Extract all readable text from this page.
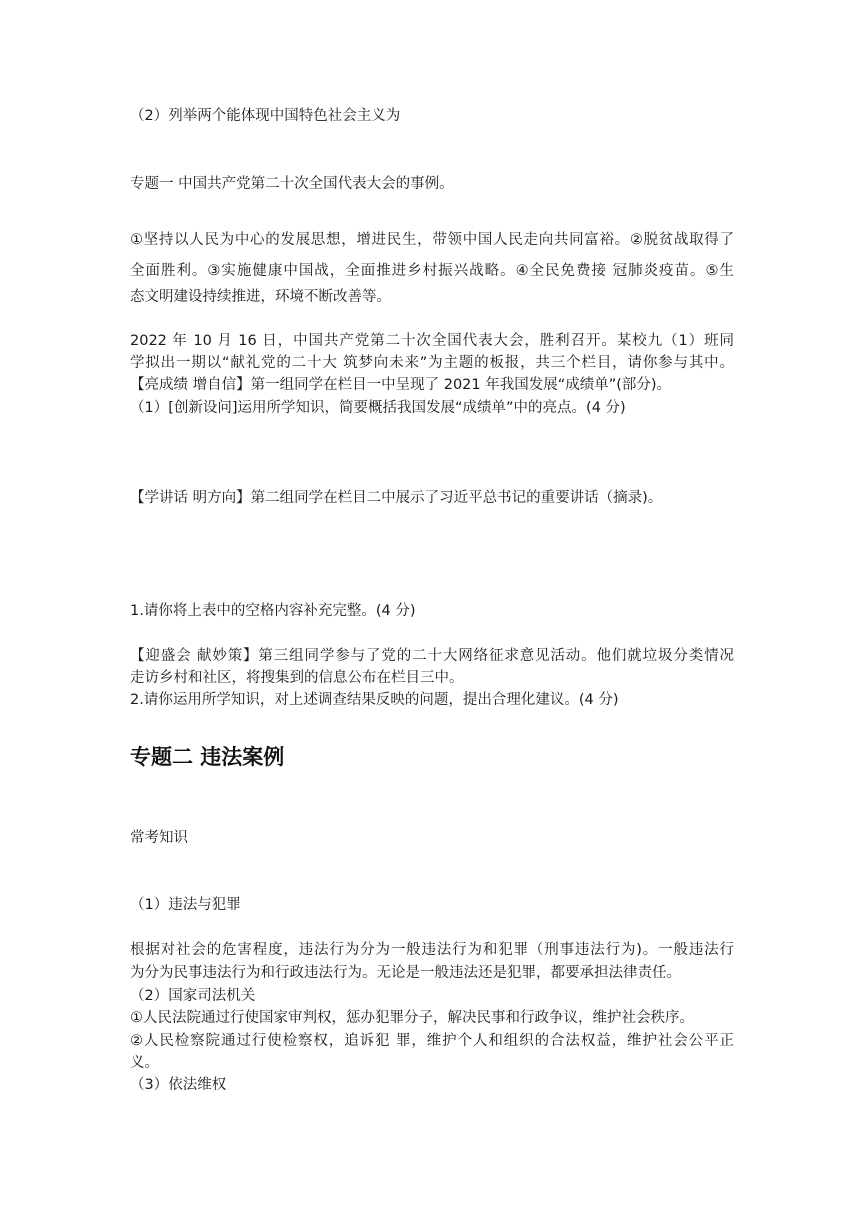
（2）列举两个能体现中国特色社会主义为

专题一 中国共产党第二十次全国代表大会的事例。

①坚持以人民为中心的发展思想，增进民生，带领中国人民走向共同富裕。②脱贫战取得了

全面胜利。③实施健康中国战，全面推进乡村振兴战略。④全民免费接 冠肺炎疫苗。⑤生

态文明建设持续推进，环境不断改善等。

2022 年 10 月 16 日，中国共产党第二十次全国代表大会，胜利召开。某校九（1）班同

学拟出一期以“献礼党的二十大 筑梦向未来”为主题的板报，共三个栏目，请你参与其中。

【亮成绩 增自信】第一组同学在栏目一中呈现了 2021 年我国发展“成绩单”(部分)。

（1）[创新设问]运用所学知识，简要概括我国发展“成绩单”中的亮点。(4 分)

【学讲话 明方向】第二组同学在栏目二中展示了习近平总书记的重要讲话（摘录)。

1.请你将上表中的空格内容补充完整。(4 分)

【迎盛会 献妙策】第三组同学参与了党的二十大网络征求意见活动。他们就垃圾分类情况

走访乡村和社区，将搜集到的信息公布在栏目三中。

2.请你运用所学知识，对上述调查结果反映的问题，提出合理化建议。(4 分)

专题二 违法案例

常考知识

（1）违法与犯罪

根据对社会的危害程度，违法行为分为一般违法行为和犯罪（刑事违法行为)。一般违法行

为分为民事违法行为和行政违法行为。无论是一般违法还是犯罪，都要承担法律责任。

（2）国家司法机关

①人民法院通过行使国家审判权，惩办犯罪分子，解决民事和行政争议，维护社会秩序。

②人民检察院通过行使检察权，追诉犯 罪，维护个人和组织的合法权益，维护社会公平正

义。

（3）依法维权
